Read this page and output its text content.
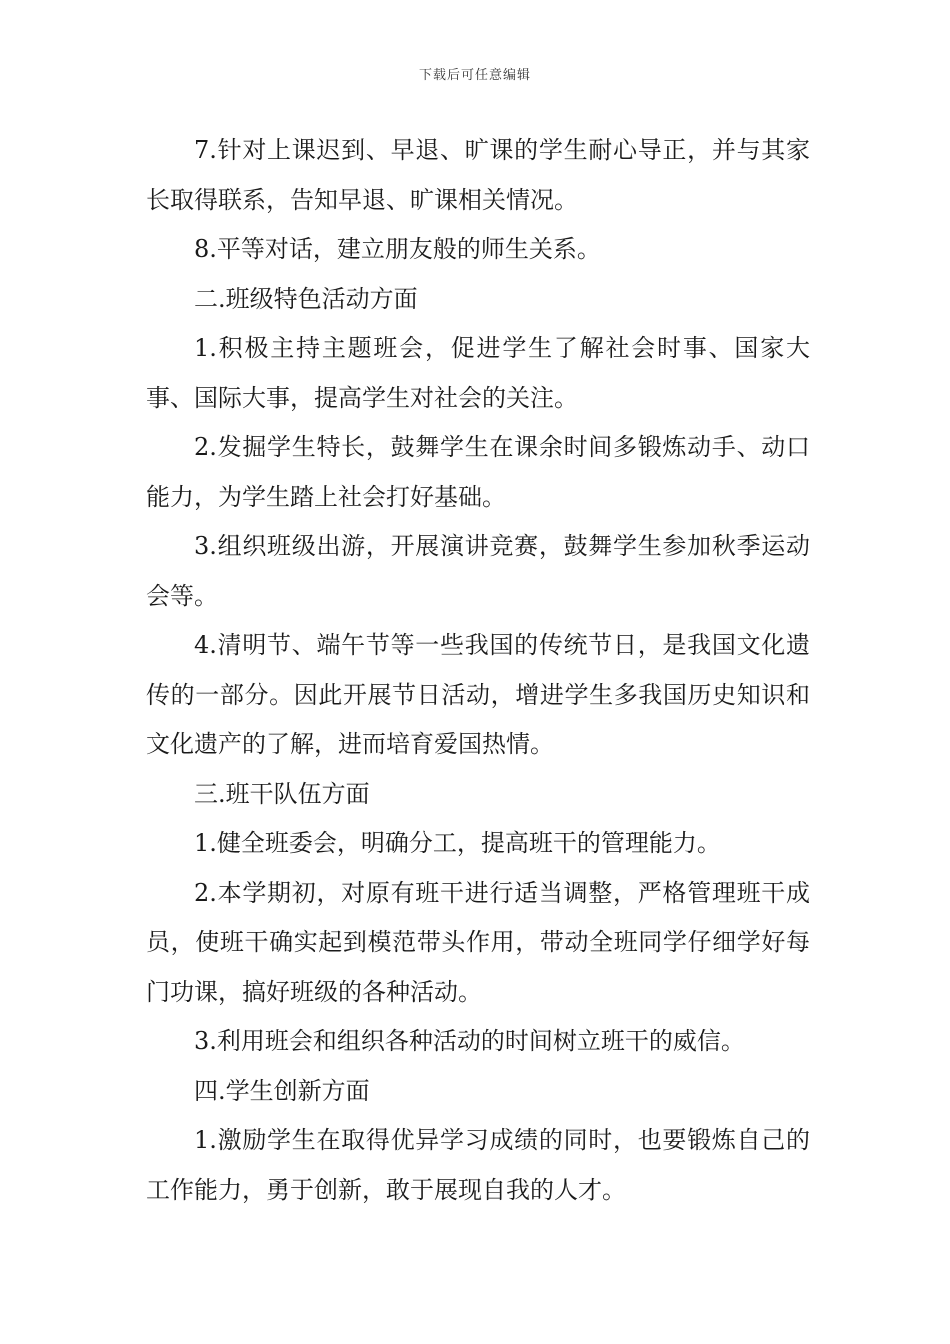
下载后可任意编辑

7.针对上课迟到、早退、旷课的学生耐心导正，并与其家长取得联系，告知早退、旷课相关情况。

8.平等对话，建立朋友般的师生关系。

二.班级特色活动方面

1.积极主持主题班会，促进学生了解社会时事、国家大事、国际大事，提高学生对社会的关注。

2.发掘学生特长，鼓舞学生在课余时间多锻炼动手、动口能力，为学生踏上社会打好基础。

3.组织班级出游，开展演讲竞赛，鼓舞学生参加秋季运动会等。

4.清明节、端午节等一些我国的传统节日，是我国文化遗传的一部分。因此开展节日活动，增进学生多我国历史知识和文化遗产的了解，进而培育爱国热情。

三.班干队伍方面

1.健全班委会，明确分工，提高班干的管理能力。

2.本学期初，对原有班干进行适当调整，严格管理班干成员，使班干确实起到模范带头作用，带动全班同学仔细学好每门功课，搞好班级的各种活动。

3.利用班会和组织各种活动的时间树立班干的威信。

四.学生创新方面

1.激励学生在取得优异学习成绩的同时，也要锻炼自己的工作能力，勇于创新，敢于展现自我的人才。
